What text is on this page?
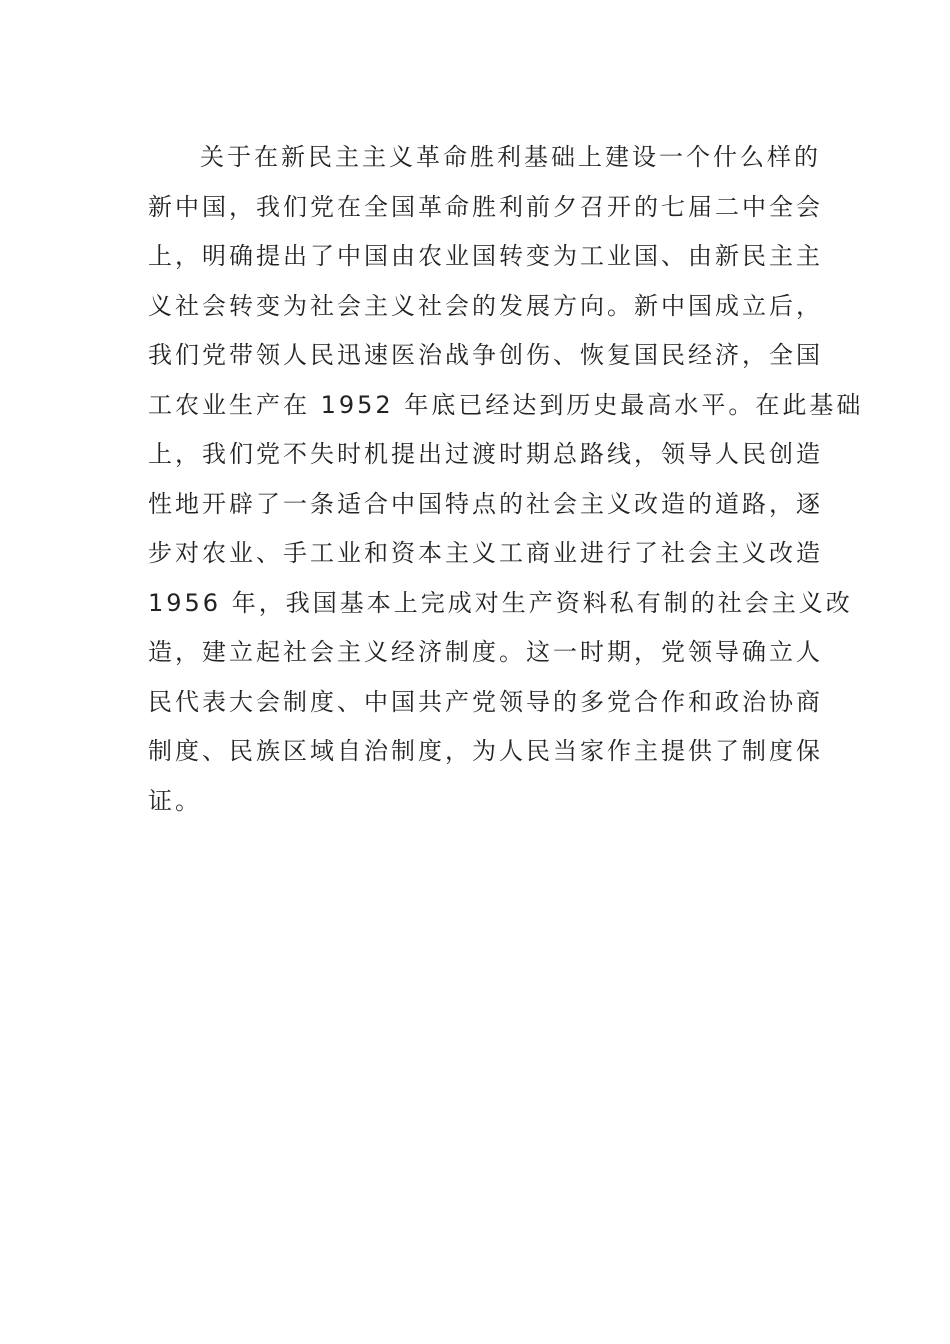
关于在新民主主义革命胜利基础上建设一个什么样的
新中国，我们党在全国革命胜利前夕召开的七届二中全会
上，明确提出了中国由农业国转变为工业国、由新民主主
义社会转变为社会主义社会的发展方向。新中国成立后，
我们党带领人民迅速医治战争创伤、恢复国民经济，全国
工农业生产在 1952 年底已经达到历史最高水平。在此基础
上，我们党不失时机提出过渡时期总路线，领导人民创造
性地开辟了一条适合中国特点的社会主义改造的道路，逐
步对农业、手工业和资本主义工商业进行了社会主义改造
1956 年，我国基本上完成对生产资料私有制的社会主义改
造，建立起社会主义经济制度。这一时期，党领导确立人
民代表大会制度、中国共产党领导的多党合作和政治协商
制度、民族区域自治制度，为人民当家作主提供了制度保
证。
